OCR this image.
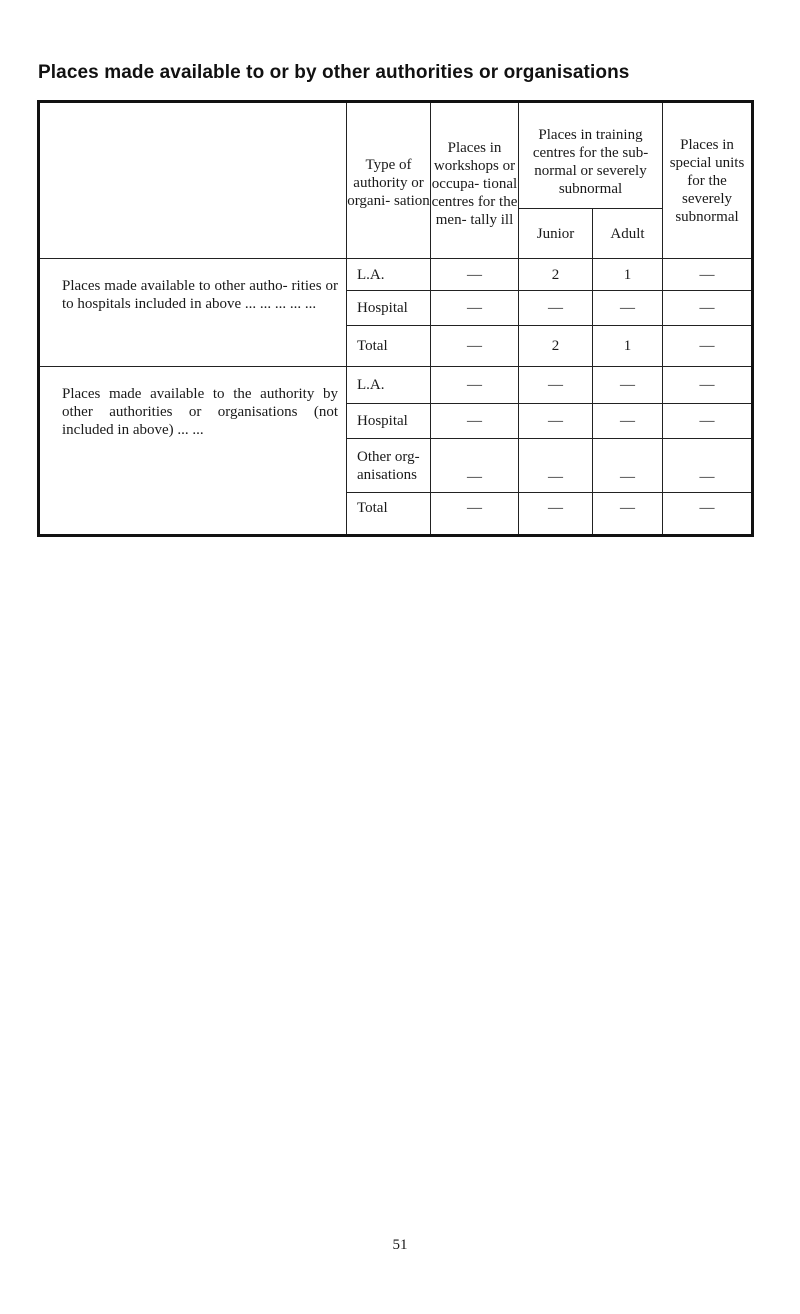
Places made available to or by other authorities or organisations
	Type of authority or organi- sation	Places in workshops or occupa- tional centres for the men- tally ill	Places in training centres for the sub-normal or severely subnormal		Places in special units for the severely subnormal
			Junior	Adult	
Places made available to other autho- rities or to hospitals included in above ... ... ... ... ...	L.A.	—	2	1	—
	Hospital	—	—	—	—
	Total	—	2	1	—
Places made available to the authority by other authorities or organisations (not included in above) ... ...	L.A.	—	—	—	—
	Hospital	—	—	—	—
	Other org- anisations	—	—	—	—
	Total	—	—	—	—
51
